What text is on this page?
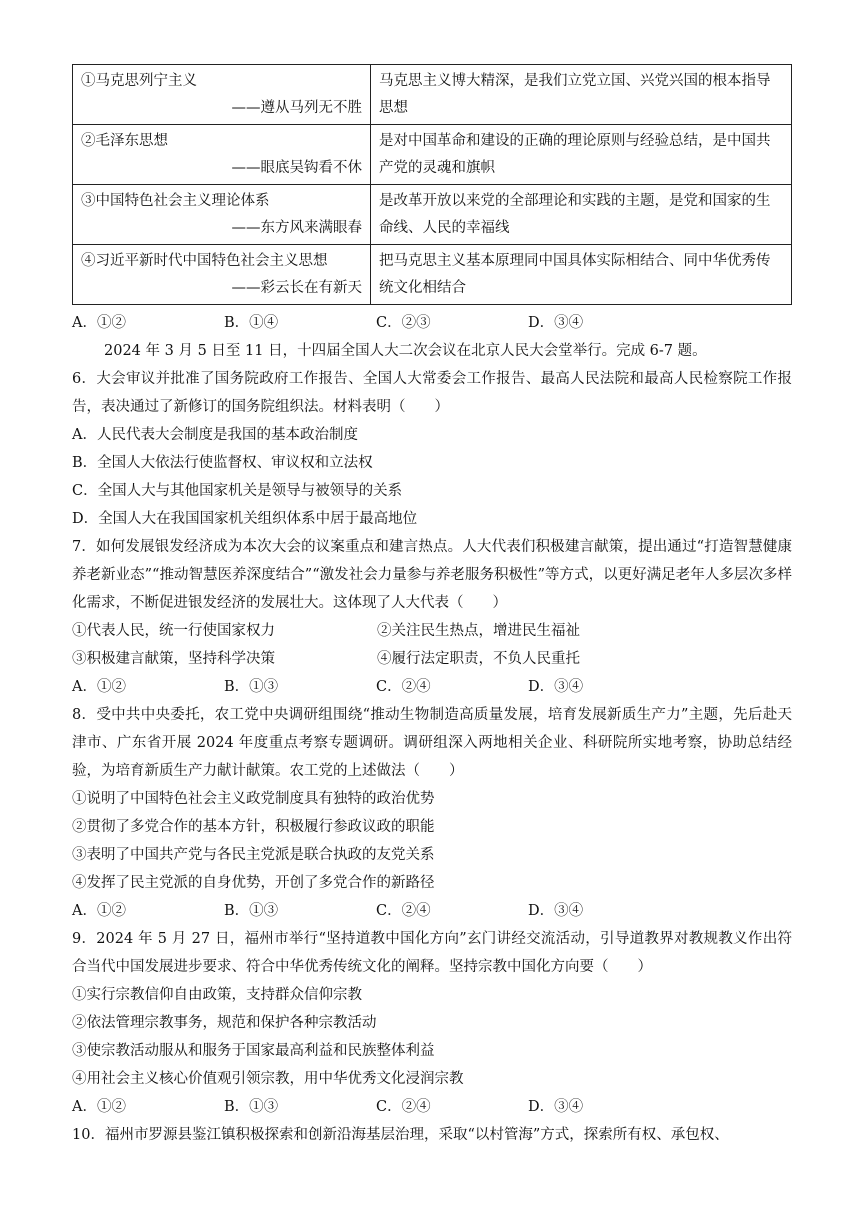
①马克思列宁主义
——遵从马列无不胜	马克思主义博大精深，是我们立党立国、兴党兴国的根本指导思想

②毛泽东思想
——眼底吴钩看不休	是对中国革命和建设的正确的理论原则与经验总结，是中国共产党的灵魂和旗帜

③中国特色社会主义理论体系
——东方风来满眼春	是改革开放以来党的全部理论和实践的主题，是党和国家的生命线、人民的幸福线

④习近平新时代中国特色社会主义思想
——彩云长在有新天	把马克思主义基本原理同中国具体实际相结合、同中华优秀传统文化相结合
A．①②	B．①④	C．②③	D．③④
2024 年 3 月 5 日至 11 日，十四届全国人大二次会议在北京人民大会堂举行。完成 6-7 题。
6．大会审议并批准了国务院政府工作报告、全国人大常委会工作报告、最高人民法院和最高人民检察院工作报告，表决通过了新修订的国务院组织法。材料表明（　　）
A．人民代表大会制度是我国的基本政治制度
B．全国人大依法行使监督权、审议权和立法权
C．全国人大与其他国家机关是领导与被领导的关系
D．全国人大在我国国家机关组织体系中居于最高地位
7．如何发展银发经济成为本次大会的议案重点和建言热点。人大代表们积极建言献策，提出通过“打造智慧健康养老新业态”“推动智慧医养深度结合”“激发社会力量参与养老服务积极性”等方式，以更好满足老年人多层次多样化需求，不断促进银发经济的发展壮大。这体现了人大代表（　　）
①代表人民，统一行使国家权力	②关注民生热点，增进民生福祉
③积极建言献策，坚持科学决策	④履行法定职责，不负人民重托
A．①②	B．①③	C．②④	D．③④
8．受中共中央委托，农工党中央调研组围绕“推动生物制造高质量发展，培育发展新质生产力”主题，先后赴天津市、广东省开展 2024 年度重点考察专题调研。调研组深入两地相关企业、科研院所实地考察，协助总结经验，为培育新质生产力献计献策。农工党的上述做法（　　）
①说明了中国特色社会主义政党制度具有独特的政治优势
②贯彻了多党合作的基本方针，积极履行参政议政的职能
③表明了中国共产党与各民主党派是联合执政的友党关系
④发挥了民主党派的自身优势，开创了多党合作的新路径
A．①②	B．①③	C．②④	D．③④
9．2024 年 5 月 27 日，福州市举行“坚持道教中国化方向”玄门讲经交流活动，引导道教界对教规教义作出符合当代中国发展进步要求、符合中华优秀传统文化的阐释。坚持宗教中国化方向要（　　）
①实行宗教信仰自由政策，支持群众信仰宗教
②依法管理宗教事务，规范和保护各种宗教活动
③使宗教活动服从和服务于国家最高利益和民族整体利益
④用社会主义核心价值观引领宗教，用中华优秀文化浸润宗教
A．①②	B．①③	C．②④	D．③④
10．福州市罗源县鉴江镇积极探索和创新沿海基层治理，采取“以村管海”方式，探索所有权、承包权、
